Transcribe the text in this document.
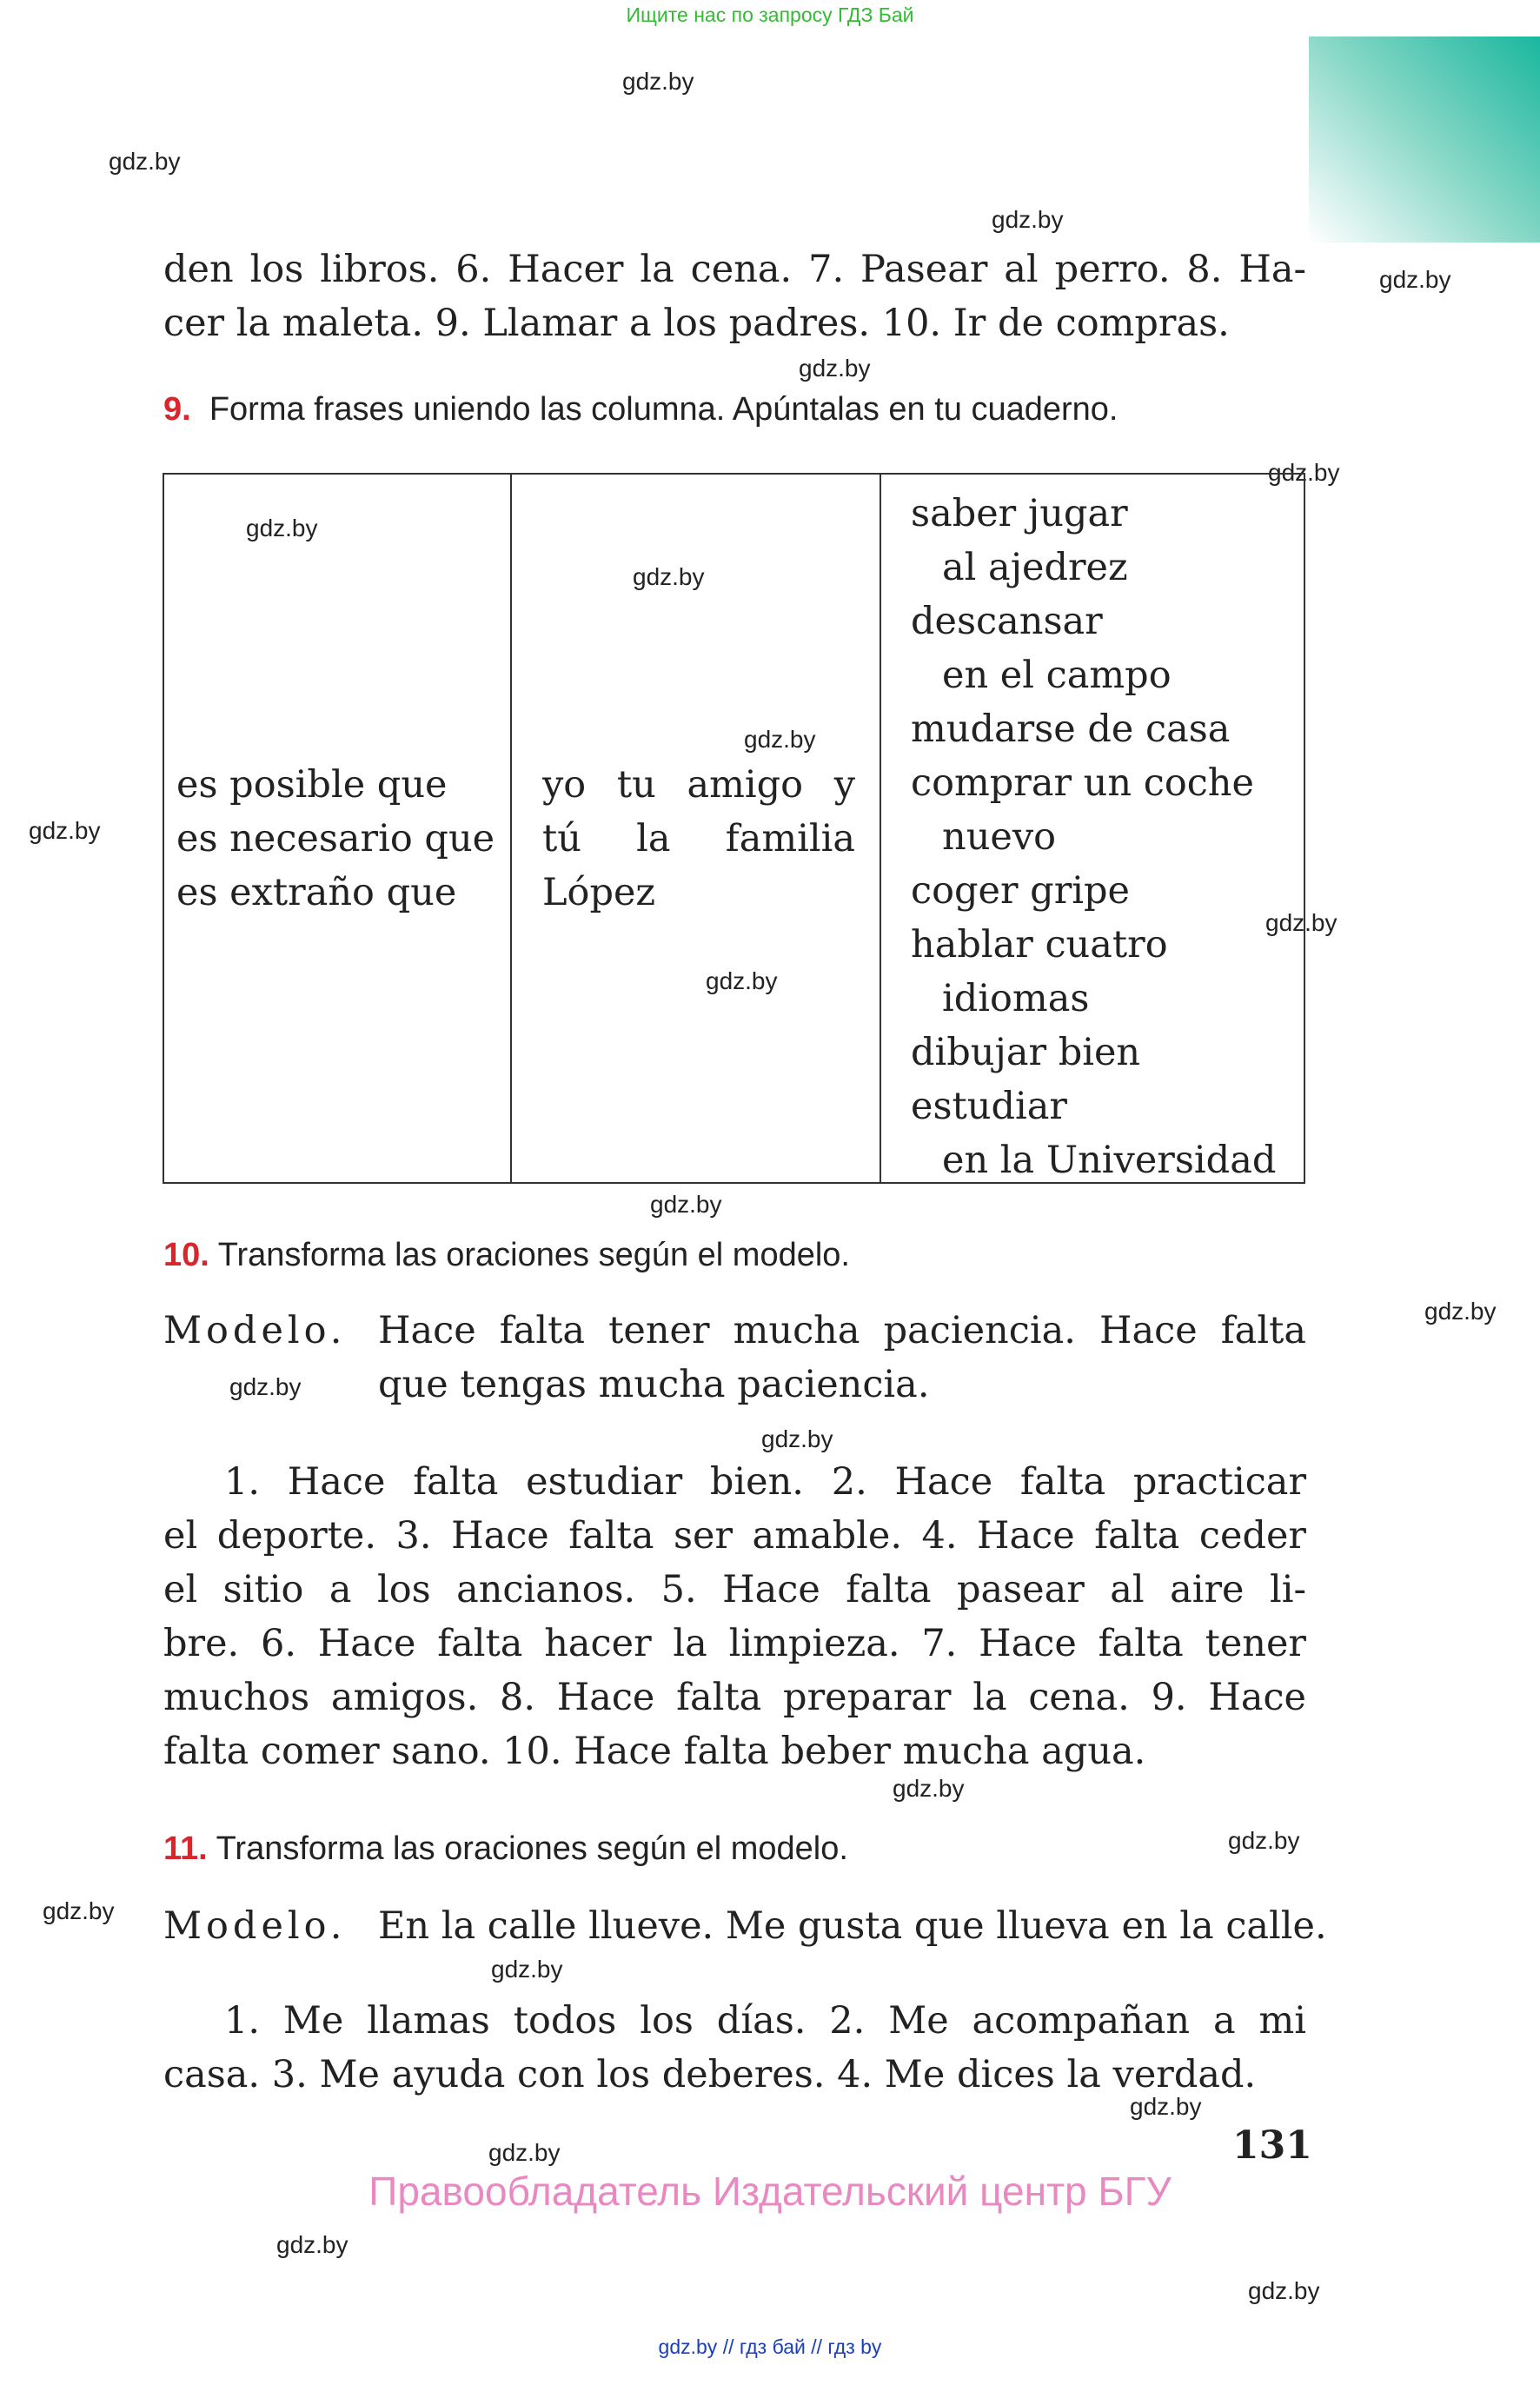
Ищите нас по запросу ГДЗ Бай
gdz.by
gdz.by
gdz.by
gdz.by
gdz.by
gdz.by
gdz.by
gdz.by
gdz.by
gdz.by
gdz.by
gdz.by
gdz.by
gdz.by
gdz.by
gdz.by
gdz.by
gdz.by
gdz.by
gdz.by
gdz.by
gdz.by
gdz.by
gdz.by
den los libros. 6. Hacer la cena. 7. Pasear al perro. 8. Ha-
cer la maleta. 9. Llamar a los padres. 10. Ir de compras.
9. Forma frases uniendo las columna. Apúntalas en tu cuaderno.
es posible que
es necesario que
es extraño que
yo tu amigo y
tú la familia
López
saber jugar
al ajedrez
descansar
en el campo
mudarse de casa
comprar un coche
nuevo
coger gripe
hablar cuatro
idiomas
dibujar bien
estudiar
en la Universidad
10. Transforma las oraciones según el modelo.
Modelo. Hace falta tener mucha paciencia. Hace falta
que tengas mucha paciencia.
1. Hace falta estudiar bien. 2. Hace falta practicar
el deporte. 3. Hace falta ser amable. 4. Hace falta ceder
el sitio a los ancianos. 5. Hace falta pasear al aire li-
bre. 6. Hace falta hacer la limpieza. 7. Hace falta tener
muchos amigos. 8. Hace falta preparar la cena. 9. Hace
falta comer sano. 10. Hace falta beber mucha agua.
11. Transforma las oraciones según el modelo.
Modelo. En la calle llueve. Me gusta que llueva en la calle.
1. Me llamas todos los días. 2. Me acompañan a mi
casa. 3. Me ayuda con los deberes. 4. Me dices la verdad.
131
Правообладатель Издательский центр БГУ
gdz.by // гдз бай // гдз by
